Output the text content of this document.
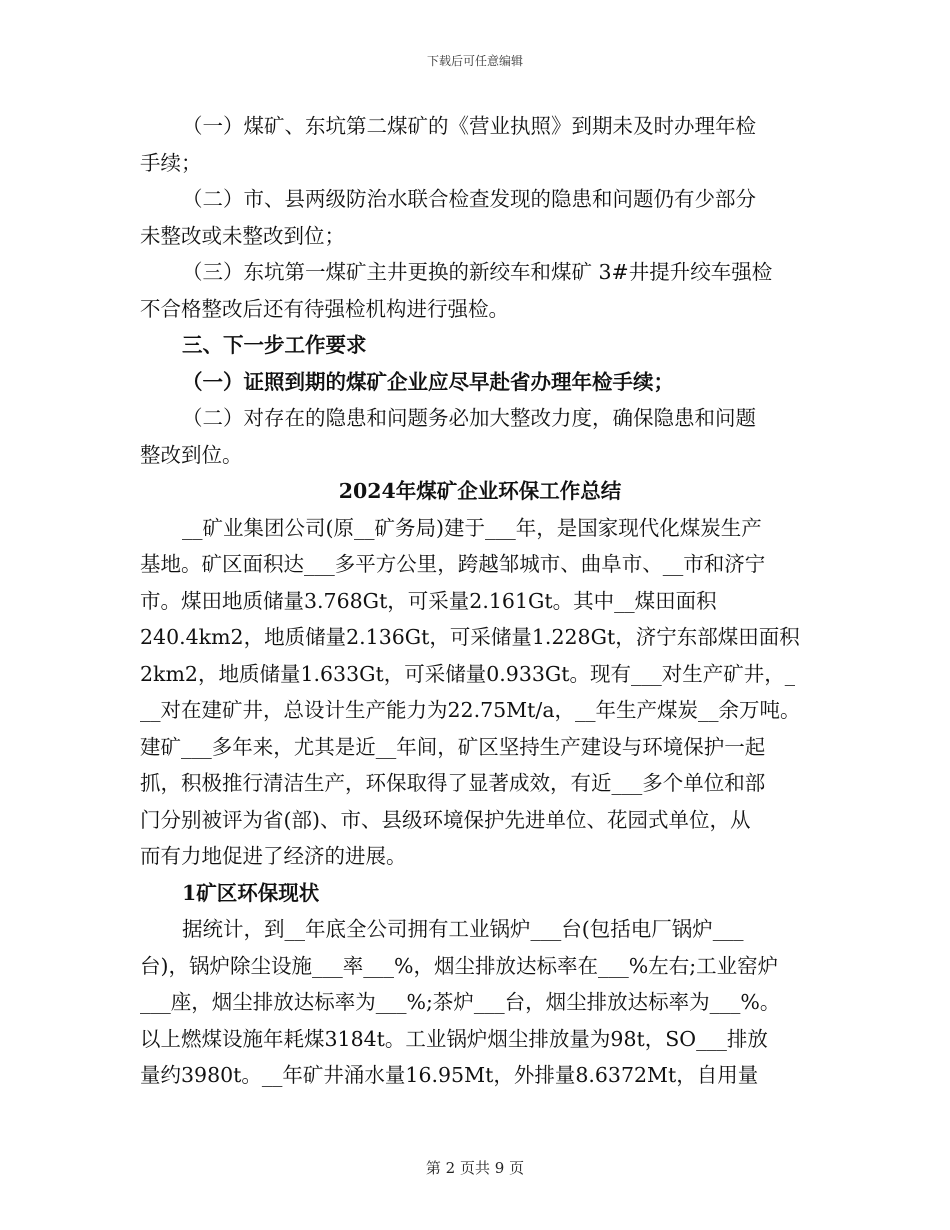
下载后可任意编辑

（一）煤矿、东坑第二煤矿的《营业执照》到期未及时办理年检

手续；

（二）市、县两级防治水联合检查发现的隐患和问题仍有少部分

未整改或未整改到位；

（三）东坑第一煤矿主井更换的新绞车和煤矿 3#井提升绞车强检

不合格整改后还有待强检机构进行强检。

三、下一步工作要求

（一）证照到期的煤矿企业应尽早赴省办理年检手续；

（二）对存在的隐患和问题务必加大整改力度，确保隐患和问题

整改到位。

2024年煤矿企业环保工作总结

__矿业集团公司(原__矿务局)建于___年，是国家现代化煤炭生产

基地。矿区面积达___多平方公里，跨越邹城市、曲阜市、__市和济宁

市。煤田地质储量3.768Gt，可采量2.161Gt。其中__煤田面积

240.4km2，地质储量2.136Gt，可采储量1.228Gt，济宁东部煤田面积

2km2，地质储量1.633Gt，可采储量0.933Gt。现有___对生产矿井，_

__对在建矿井，总设计生产能力为22.75Mt/a，__年生产煤炭__余万吨。

建矿___多年来，尤其是近__年间，矿区坚持生产建设与环境保护一起

抓，积极推行清洁生产，环保取得了显著成效，有近___多个单位和部

门分别被评为省(部)、市、县级环境保护先进单位、花园式单位，从

而有力地促进了经济的进展。

1矿区环保现状

据统计，到__年底全公司拥有工业锅炉___台(包括电厂锅炉___

台)，锅炉除尘设施___率___%，烟尘排放达标率在___%左右;工业窑炉

___座，烟尘排放达标率为___%;茶炉___台，烟尘排放达标率为___%。

以上燃煤设施年耗煤3184t。工业锅炉烟尘排放量为98t，SO___排放

量约3980t。__年矿井涌水量16.95Mt，外排量8.6372Mt，自用量

第 2 页共 9 页
